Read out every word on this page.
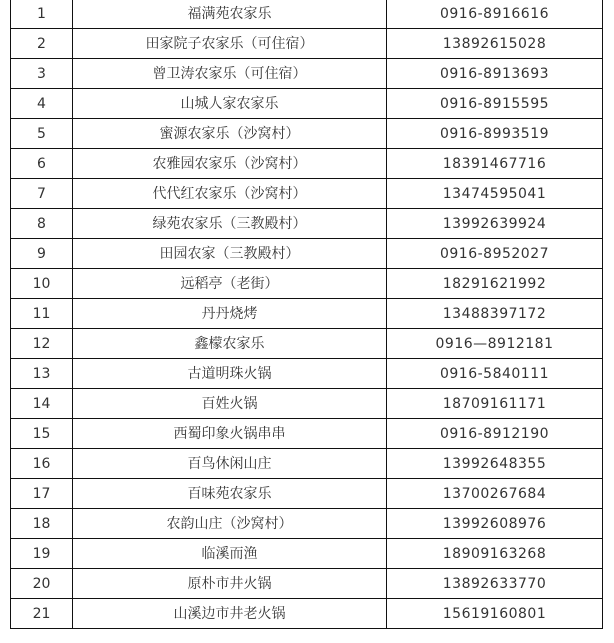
1	福满苑农家乐	0916-8916616
2	田家院子农家乐（可住宿）	13892615028
3	曾卫涛农家乐（可住宿）	0916-8913693
4	山城人家农家乐	0916-8915595
5	蜜源农家乐（沙窝村）	0916-8993519
6	农雅园农家乐（沙窝村）	18391467716
7	代代红农家乐（沙窝村）	13474595041
8	绿苑农家乐（三教殿村）	13992639924
9	田园农家（三教殿村）	0916-8952027
10	远稻亭（老街）	18291621992
11	丹丹烧烤	13488397172
12	鑫檬农家乐	0916—8912181
13	古道明珠火锅	0916-5840111
14	百姓火锅	18709161171
15	西蜀印象火锅串串	0916-8912190
16	百鸟休闲山庄	13992648355
17	百味苑农家乐	13700267684
18	农韵山庄（沙窝村）	13992608976
19	临溪而渔	18909163268
20	原朴市井火锅	13892633770
21	山溪边市井老火锅	15619160801
